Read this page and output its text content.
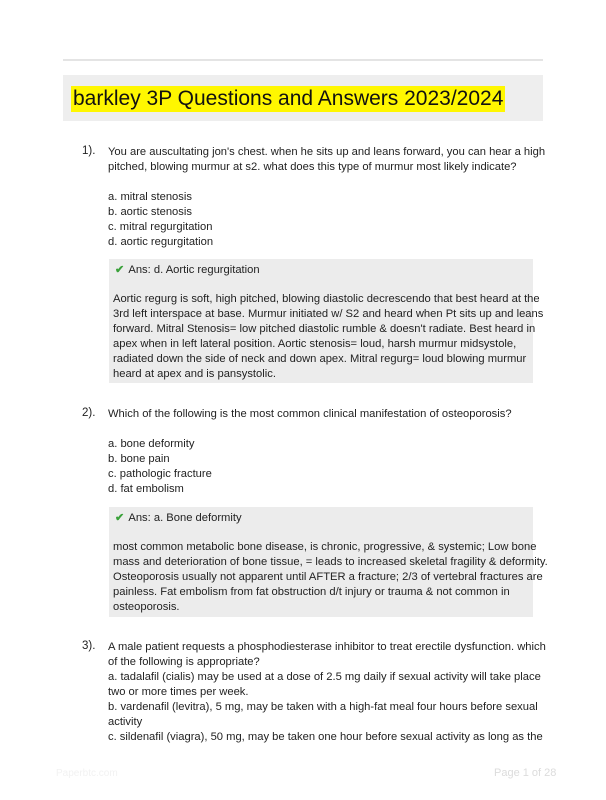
barkley 3P Questions and Answers 2023/2024
1). You are auscultating jon's chest. when he sits up and leans forward, you can hear a high
pitched, blowing murmur at s2. what does this type of murmur most likely indicate?
a. mitral stenosis
b. aortic stenosis
c. mitral regurgitation
d. aortic regurgitation
✔ Ans: d. Aortic regurgitation
Aortic regurg is soft, high pitched, blowing diastolic decrescendo that best heard at the
3rd left interspace at base. Murmur initiated w/ S2 and heard when Pt sits up and leans
forward. Mitral Stenosis= low pitched diastolic rumble & doesn't radiate. Best heard in
apex when in left lateral position. Aortic stenosis= loud, harsh murmur midsystole,
radiated down the side of neck and down apex. Mitral regurg= loud blowing murmur
heard at apex and is pansystolic.
2). Which of the following is the most common clinical manifestation of osteoporosis?
a. bone deformity
b. bone pain
c. pathologic fracture
d. fat embolism
✔ Ans: a. Bone deformity
most common metabolic bone disease, is chronic, progressive, & systemic; Low bone
mass and deterioration of bone tissue, = leads to increased skeletal fragility & deformity.
Osteoporosis usually not apparent until AFTER a fracture; 2/3 of vertebral fractures are
painless. Fat embolism from fat obstruction d/t injury or trauma & not common in
osteoporosis.
3). A male patient requests a phosphodiesterase inhibitor to treat erectile dysfunction. which
of the following is appropriate?
a. tadalafil (cialis) may be used at a dose of 2.5 mg daily if sexual activity will take place
two or more times per week.
b. vardenafil (levitra), 5 mg, may be taken with a high-fat meal four hours before sexual
activity
c. sildenafil (viagra), 50 mg, may be taken one hour before sexual activity as long as the
Paperbtc.com	Page 1 of 28
